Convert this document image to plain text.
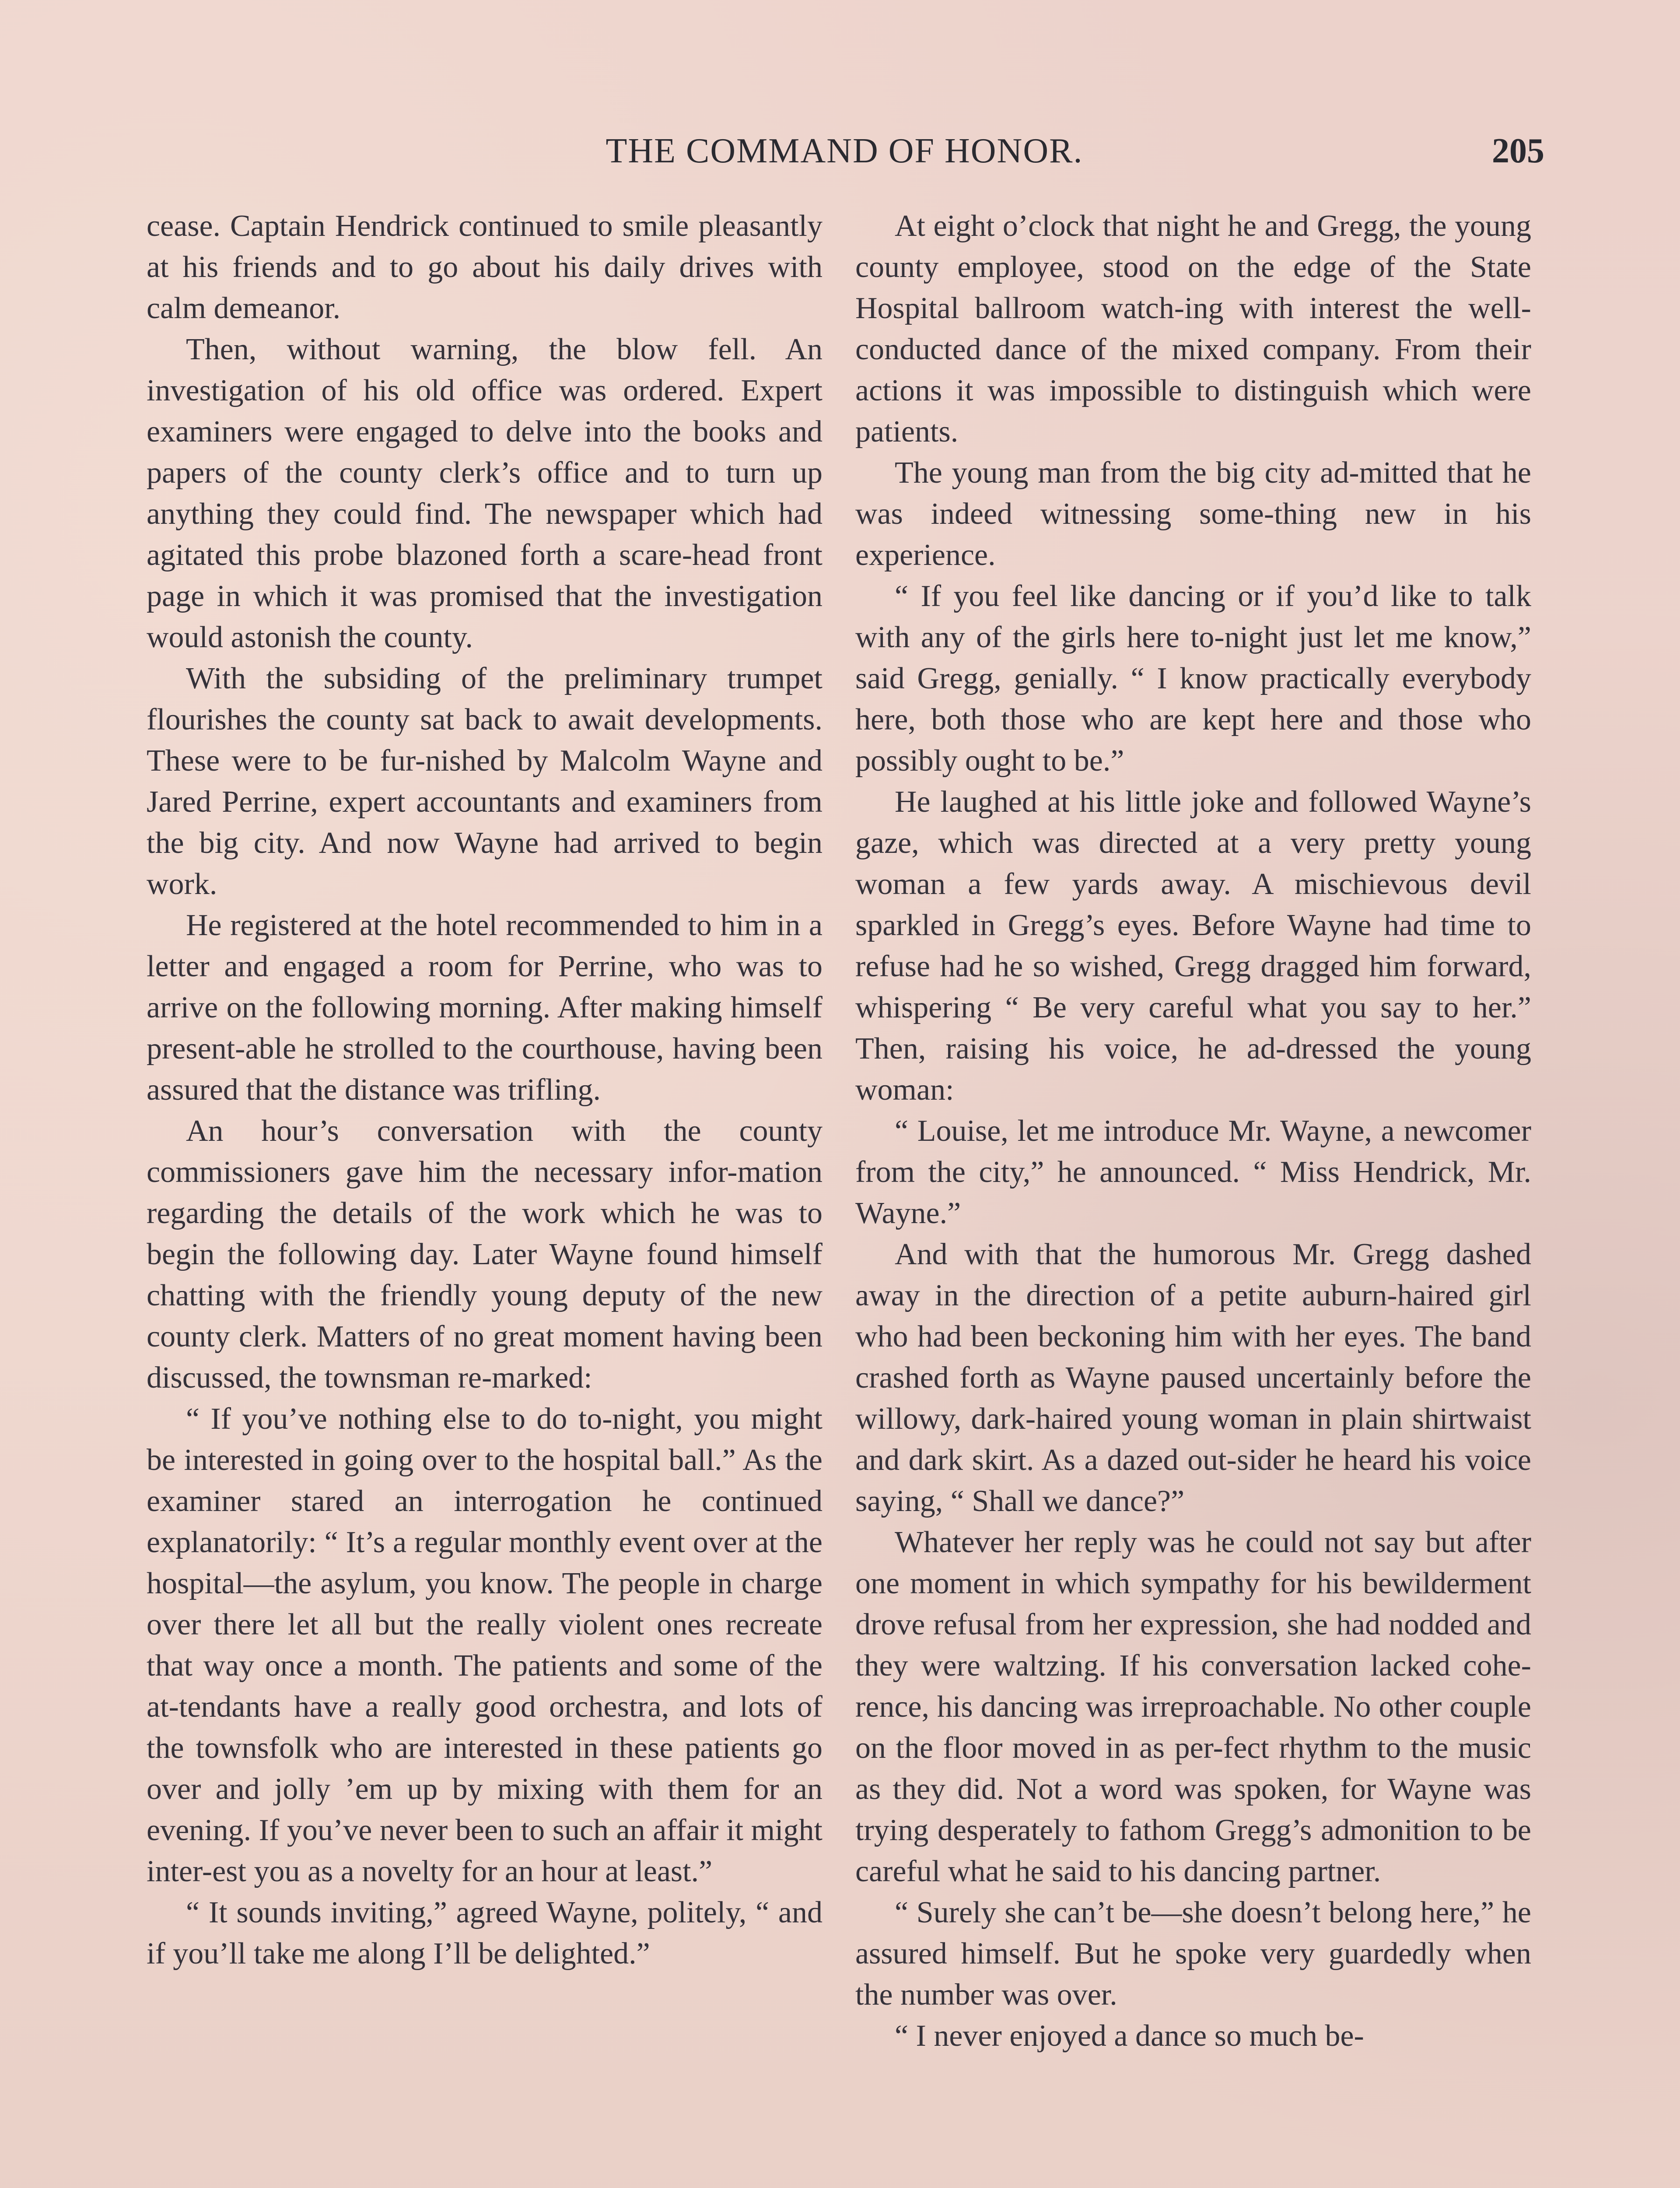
THE COMMAND OF HONOR.	205

cease. Captain Hendrick continued to smile pleasantly at his friends and to go about his daily drives with calm demeanor.

Then, without warning, the blow fell. An investigation of his old office was ordered. Expert examiners were engaged to delve into the books and papers of the county clerk’s office and to turn up anything they could find. The newspaper which had agitated this probe blazoned forth a scare-head front page in which it was promised that the investigation would astonish the county.

With the subsiding of the preliminary trumpet flourishes the county sat back to await developments. These were to be fur-nished by Malcolm Wayne and Jared Perrine, expert accountants and examiners from the big city. And now Wayne had arrived to begin work.

He registered at the hotel recommended to him in a letter and engaged a room for Perrine, who was to arrive on the following morning. After making himself present-able he strolled to the courthouse, having been assured that the distance was trifling.

An hour’s conversation with the county commissioners gave him the necessary infor-mation regarding the details of the work which he was to begin the following day. Later Wayne found himself chatting with the friendly young deputy of the new county clerk. Matters of no great moment having been discussed, the townsman re-marked:

“ If you’ve nothing else to do to-night, you might be interested in going over to the hospital ball.” As the examiner stared an interrogation he continued explanatorily: “ It’s a regular monthly event over at the hospital—the asylum, you know. The people in charge over there let all but the really violent ones recreate that way once a month. The patients and some of the at-tendants have a really good orchestra, and lots of the townsfolk who are interested in these patients go over and jolly ’em up by mixing with them for an evening. If you’ve never been to such an affair it might inter-est you as a novelty for an hour at least.”

“ It sounds inviting,” agreed Wayne, politely, “ and if you’ll take me along I’ll be delighted.”

At eight o’clock that night he and Gregg, the young county employee, stood on the edge of the State Hospital ballroom watch-ing with interest the well-conducted dance of the mixed company. From their actions it was impossible to distinguish which were patients.

The young man from the big city ad-mitted that he was indeed witnessing some-thing new in his experience.

“ If you feel like dancing or if you’d like to talk with any of the girls here to-night just let me know,” said Gregg, genially. “ I know practically everybody here, both those who are kept here and those who possibly ought to be.”

He laughed at his little joke and followed Wayne’s gaze, which was directed at a very pretty young woman a few yards away. A mischievous devil sparkled in Gregg’s eyes. Before Wayne had time to refuse had he so wished, Gregg dragged him forward, whispering “ Be very careful what you say to her.” Then, raising his voice, he ad-dressed the young woman:

“ Louise, let me introduce Mr. Wayne, a newcomer from the city,” he announced. “ Miss Hendrick, Mr. Wayne.”

And with that the humorous Mr. Gregg dashed away in the direction of a petite auburn-haired girl who had been beckoning him with her eyes. The band crashed forth as Wayne paused uncertainly before the willowy, dark-haired young woman in plain shirtwaist and dark skirt. As a dazed out-sider he heard his voice saying, “ Shall we dance?”

Whatever her reply was he could not say but after one moment in which sympathy for his bewilderment drove refusal from her expression, she had nodded and they were waltzing. If his conversation lacked cohe-rence, his dancing was irreproachable. No other couple on the floor moved in as per-fect rhythm to the music as they did. Not a word was spoken, for Wayne was trying desperately to fathom Gregg’s admonition to be careful what he said to his dancing partner.

“ Surely she can’t be—she doesn’t belong here,” he assured himself. But he spoke very guardedly when the number was over.

“ I never enjoyed a dance so much be-
